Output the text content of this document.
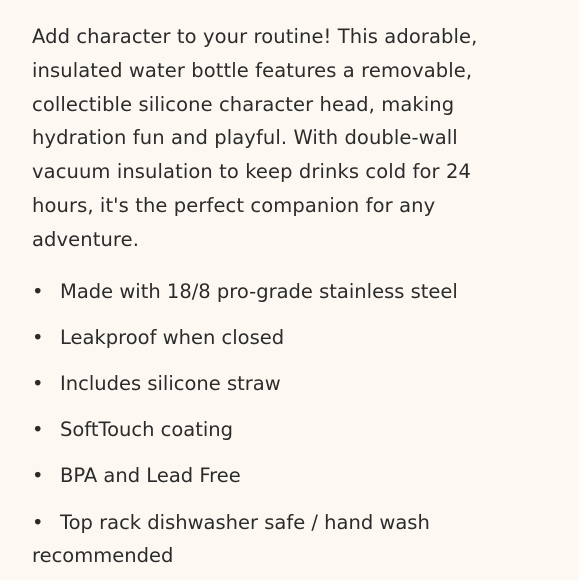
Add character to your routine! This adorable, insulated water bottle features a removable, collectible silicone character head, making hydration fun and playful. With double-wall vacuum insulation to keep drinks cold for 24 hours, it's the perfect companion for any adventure.

• Made with 18/8 pro-grade stainless steel
• Leakproof when closed
• Includes silicone straw
• SoftTouch coating
• BPA and Lead Free
• Top rack dishwasher safe / hand wash recommended
